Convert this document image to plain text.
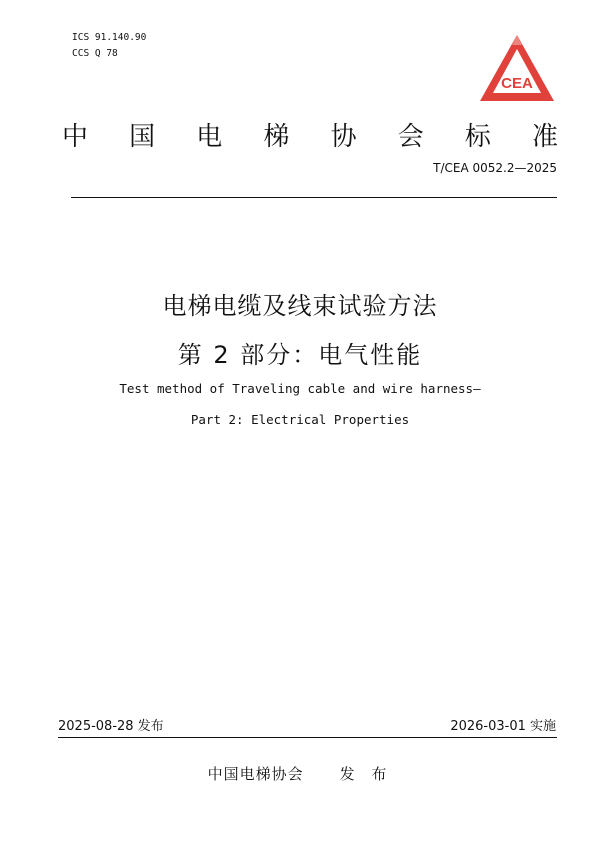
ICS 91.140.90
CCS Q 78
CEA
中 国 电 梯 协 会 标 准
T/CEA 0052.2—2025
电梯电缆及线束试验方法
第 2 部分：电气性能
Test method of Traveling cable and wire harness—
Part 2: Electrical Properties
2025-08-28 发布	2026-03-01 实施
中国电梯协会 发 布
